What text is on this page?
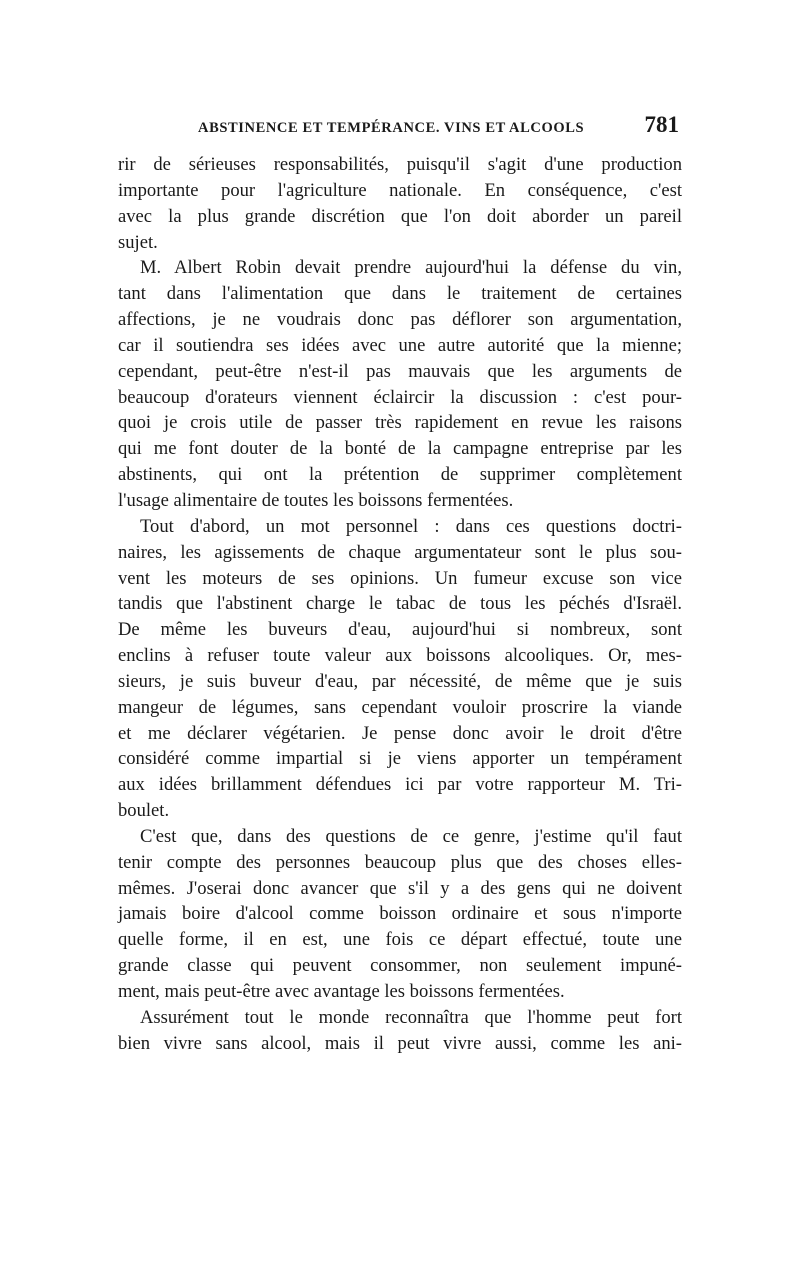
ABSTINENCE ET TEMPÉRANCE. VINS ET ALCOOLS	781
rir de sérieuses responsabilités, puisqu'il s'agit d'une production
importante pour l'agriculture nationale. En conséquence, c'est
avec la plus grande discrétion que l'on doit aborder un pareil
sujet.
M. Albert Robin devait prendre aujourd'hui la défense du vin,
tant dans l'alimentation que dans le traitement de certaines
affections, je ne voudrais donc pas déflorer son argumentation,
car il soutiendra ses idées avec une autre autorité que la mienne;
cependant, peut-être n'est-il pas mauvais que les arguments de
beaucoup d'orateurs viennent éclaircir la discussion : c'est pour-
quoi je crois utile de passer très rapidement en revue les raisons
qui me font douter de la bonté de la campagne entreprise par les
abstinents, qui ont la prétention de supprimer complètement
l'usage alimentaire de toutes les boissons fermentées.
Tout d'abord, un mot personnel : dans ces questions doctri-
naires, les agissements de chaque argumentateur sont le plus sou-
vent les moteurs de ses opinions. Un fumeur excuse son vice
tandis que l'abstinent charge le tabac de tous les péchés d'Israël.
De même les buveurs d'eau, aujourd'hui si nombreux, sont
enclins à refuser toute valeur aux boissons alcooliques. Or, mes-
sieurs, je suis buveur d'eau, par nécessité, de même que je suis
mangeur de légumes, sans cependant vouloir proscrire la viande
et me déclarer végétarien. Je pense donc avoir le droit d'être
considéré comme impartial si je viens apporter un tempérament
aux idées brillamment défendues ici par votre rapporteur M. Tri-
boulet.
C'est que, dans des questions de ce genre, j'estime qu'il faut
tenir compte des personnes beaucoup plus que des choses elles-
mêmes. J'oserai donc avancer que s'il y a des gens qui ne doivent
jamais boire d'alcool comme boisson ordinaire et sous n'importe
quelle forme, il en est, une fois ce départ effectué, toute une
grande classe qui peuvent consommer, non seulement impuné-
ment, mais peut-être avec avantage les boissons fermentées.
Assurément tout le monde reconnaîtra que l'homme peut fort
bien vivre sans alcool, mais il peut vivre aussi, comme les ani-
